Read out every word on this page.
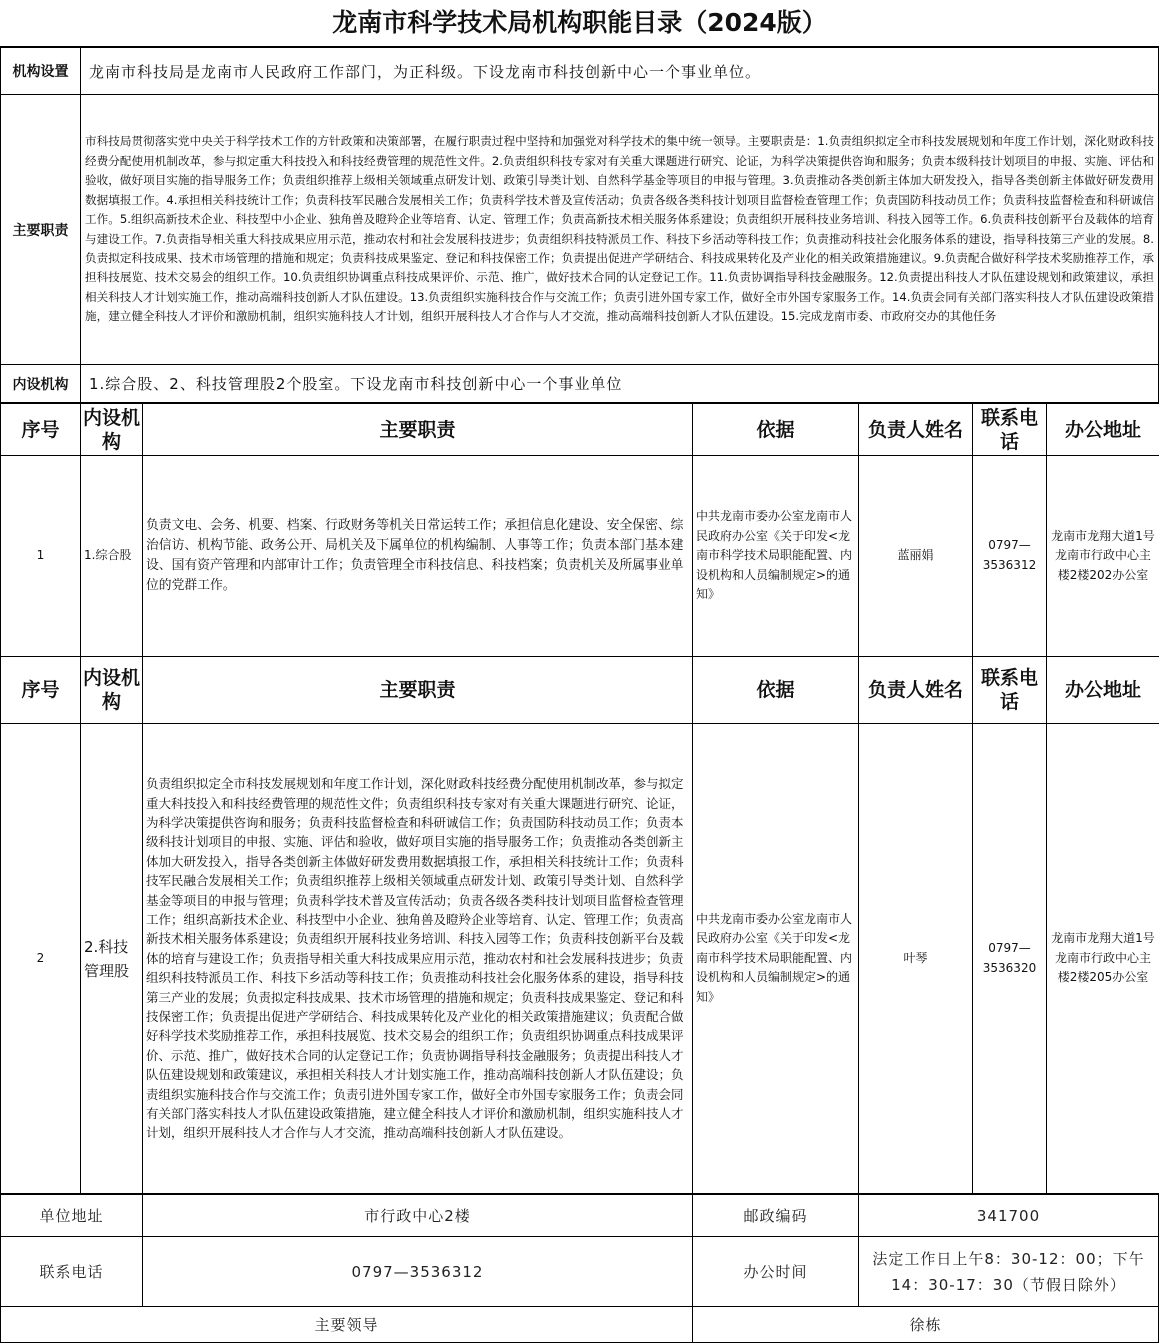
龙南市科学技术局机构职能目录（2024版）
机构设置	龙南市科技局是龙南市人民政府工作部门，为正科级。下设龙南市科技创新中心一个事业单位。
主要职责	市科技局贯彻落实党中央关于科学技术工作的方针政策和决策部署，在履行职责过程中坚持和加强党对科学技术的集中统一领导。主要职责是：1.负责组织拟定全市科技发展规划和年度工作计划，深化财政科技经费分配使用机制改革，参与拟定重大科技投入和科技经费管理的规范性文件。2.负责组织科技专家对有关重大课题进行研究、论证，为科学决策提供咨询和服务；负责本级科技计划项目的申报、实施、评估和验收，做好项目实施的指导服务工作；负责组织推荐上级相关领域重点研发计划、政策引导类计划、自然科学基金等项目的申报与管理。3.负责推动各类创新主体加大研发投入，指导各类创新主体做好研发费用数据填报工作。4.承担相关科技统计工作；负责科技军民融合发展相关工作；负责科学技术普及宣传活动；负责各级各类科技计划项目监督检查管理工作；负责国防科技动员工作；负责科技监督检查和科研诚信工作。5.组织高新技术企业、科技型中小企业、独角兽及瞪羚企业等培育、认定、管理工作；负责高新技术相关服务体系建设；负责组织开展科技业务培训、科技入园等工作。6.负责科技创新平台及载体的培育与建设工作。7.负责指导相关重大科技成果应用示范，推动农村和社会发展科技进步；负责组织科技特派员工作、科技下乡活动等科技工作；负责推动科技社会化服务体系的建设，指导科技第三产业的发展。8.负责拟定科技成果、技术市场管理的措施和规定；负责科技成果鉴定、登记和科技保密工作；负责提出促进产学研结合、科技成果转化及产业化的相关政策措施建议。9.负责配合做好科学技术奖励推荐工作，承担科技展览、技术交易会的组织工作。10.负责组织协调重点科技成果评价、示范、推广，做好技术合同的认定登记工作。11.负责协调指导科技金融服务。12.负责提出科技人才队伍建设规划和政策建议，承担相关科技人才计划实施工作，推动高端科技创新人才队伍建设。13.负责组织实施科技合作与交流工作；负责引进外国专家工作，做好全市外国专家服务工作。14.负责会同有关部门落实科技人才队伍建设政策措施，建立健全科技人才评价和激励机制，组织实施科技人才计划，组织开展科技人才合作与人才交流，推动高端科技创新人才队伍建设。15.完成龙南市委、市政府交办的其他任务
内设机构	1.综合股、2、科技管理股2个股室。下设龙南市科技创新中心一个事业单位
序号	内设机构	主要职责	依据	负责人姓名	联系电话	办公地址
1	1.综合股	负责文电、会务、机要、档案、行政财务等机关日常运转工作；承担信息化建设、安全保密、综治信访、机构节能、政务公开、局机关及下属单位的机构编制、人事等工作；负责本部门基本建设、国有资产管理和内部审计工作；负责管理全市科技信息、科技档案；负责机关及所属事业单位的党群工作。	中共龙南市委办公室龙南市人民政府办公室《关于印发<龙南市科学技术局职能配置、内设机构和人员编制规定>的通知》	蓝丽娟	0797—3536312	龙南市龙翔大道1号龙南市行政中心主楼2楼202办公室
序号	内设机构	主要职责	依据	负责人姓名	联系电话	办公地址
2	2.科技管理股	负责组织拟定全市科技发展规划和年度工作计划，深化财政科技经费分配使用机制改革，参与拟定重大科技投入和科技经费管理的规范性文件；负责组织科技专家对有关重大课题进行研究、论证，为科学决策提供咨询和服务；负责科技监督检查和科研诚信工作；负责国防科技动员工作；负责本级科技计划项目的申报、实施、评估和验收，做好项目实施的指导服务工作；负责推动各类创新主体加大研发投入，指导各类创新主体做好研发费用数据填报工作，承担相关科技统计工作；负责科技军民融合发展相关工作；负责组织推荐上级相关领域重点研发计划、政策引导类计划、自然科学基金等项目的申报与管理；负责科学技术普及宣传活动；负责各级各类科技计划项目监督检查管理工作；组织高新技术企业、科技型中小企业、独角兽及瞪羚企业等培育、认定、管理工作；负责高新技术相关服务体系建设；负责组织开展科技业务培训、科技入园等工作；负责科技创新平台及载体的培育与建设工作；负责指导相关重大科技成果应用示范，推动农村和社会发展科技进步；负责组织科技特派员工作、科技下乡活动等科技工作；负责推动科技社会化服务体系的建设，指导科技第三产业的发展；负责拟定科技成果、技术市场管理的措施和规定；负责科技成果鉴定、登记和科技保密工作；负责提出促进产学研结合、科技成果转化及产业化的相关政策措施建议；负责配合做好科学技术奖励推荐工作，承担科技展览、技术交易会的组织工作；负责组织协调重点科技成果评价、示范、推广，做好技术合同的认定登记工作；负责协调指导科技金融服务；负责提出科技人才队伍建设规划和政策建议，承担相关科技人才计划实施工作，推动高端科技创新人才队伍建设；负责组织实施科技合作与交流工作；负责引进外国专家工作，做好全市外国专家服务工作；负责会同有关部门落实科技人才队伍建设政策措施，建立健全科技人才评价和激励机制，组织实施科技人才计划，组织开展科技人才合作与人才交流，推动高端科技创新人才队伍建设。	中共龙南市委办公室龙南市人民政府办公室《关于印发<龙南市科学技术局职能配置、内设机构和人员编制规定>的通知》	叶琴	0797—3536320	龙南市龙翔大道1号龙南市行政中心主楼2楼205办公室
单位地址	市行政中心2楼	邮政编码	341700
联系电话	0797—3536312	办公时间	法定工作日上午8：30-12：00；下午14：30-17：30（节假日除外）
主要领导		徐栋	
